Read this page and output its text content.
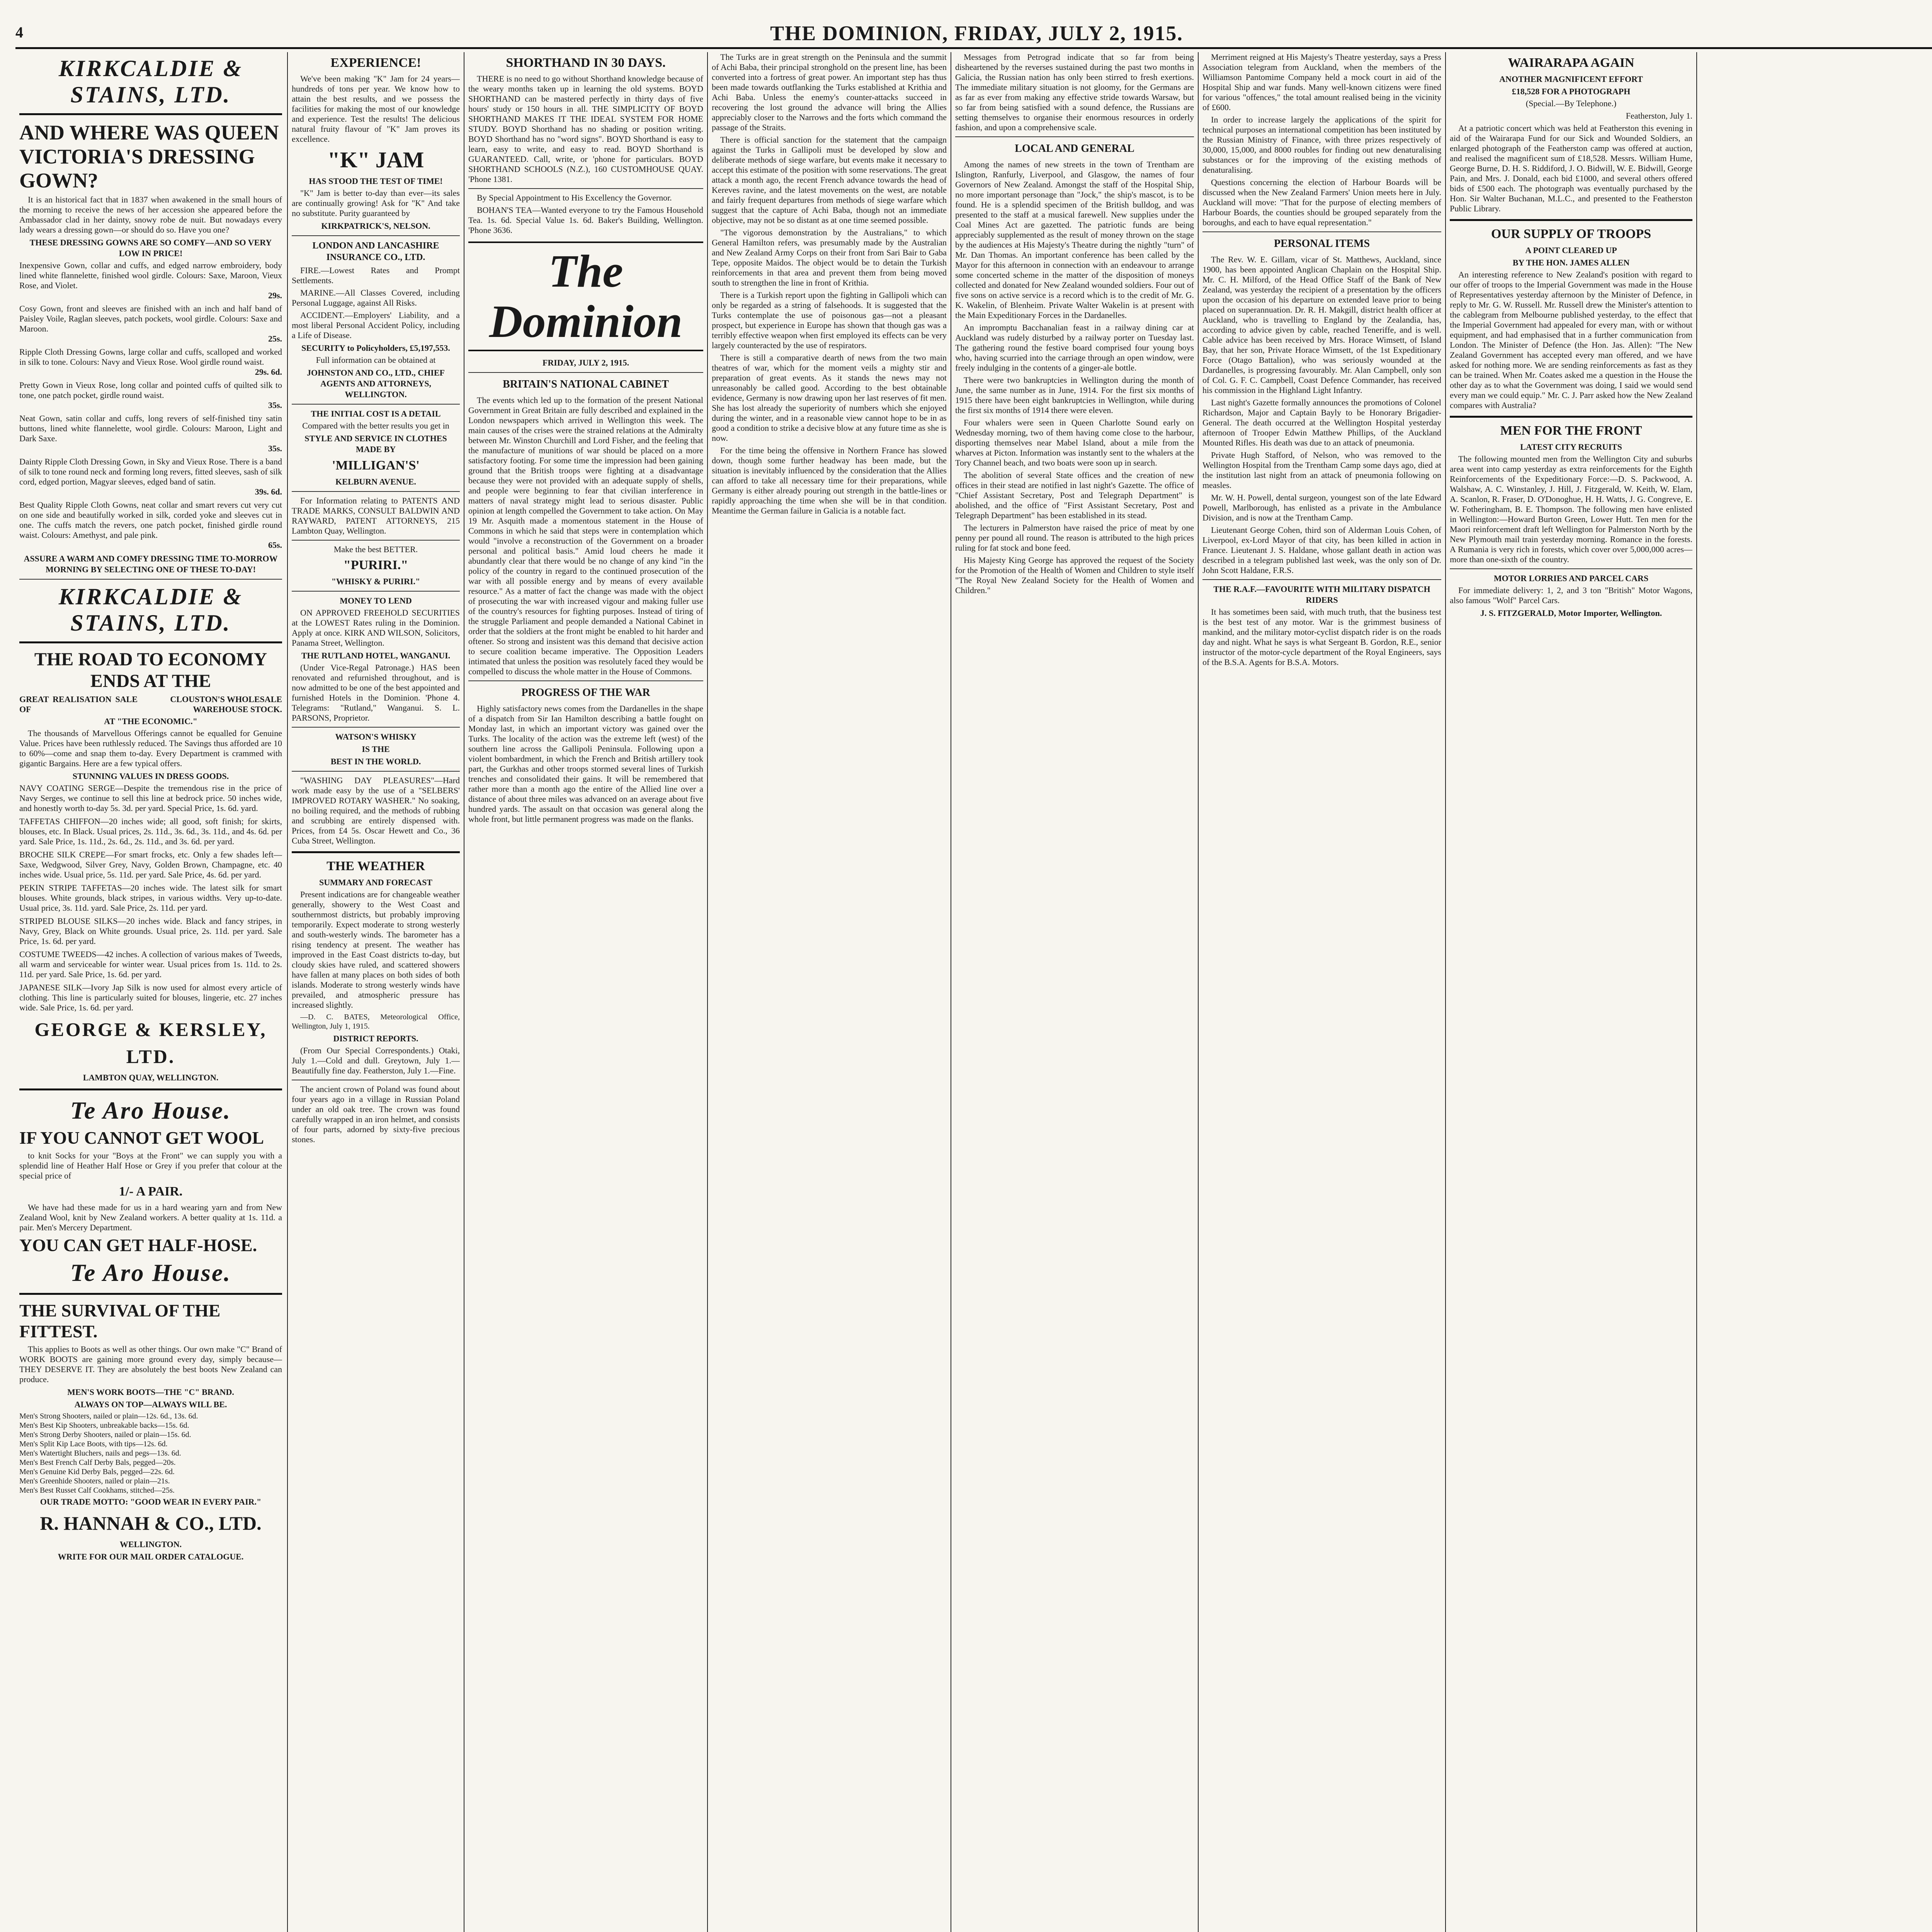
4	THE DOMINION, FRIDAY, JULY 2, 1915.
KIRKCALDIE & STAINS, LTD.
AND WHERE WAS QUEEN VICTORIA'S DRESSING GOWN?

It is an historical fact that in 1837 when awakened in the small hours of the morning to receive the news of her accession she appeared before the Ambassador clad in her dainty, snowy robe de nuit. But nowadays every lady wears a dressing gown—or should do so. Have you one?

THESE DRESSING GOWNS ARE SO COMFY—AND SO VERY LOW IN PRICE!
Inexpensive Gown, collar and cuffs, and edged narrow embroidery, body lined white flannelette, finished wool girdle. Colours: Saxe, Maroon, Vieux Rose, and Violet.
29s.
Cosy Gown, front and sleeves are finished with an inch and half band of Paisley Voile, Raglan sleeves, patch pockets, wool girdle. Colours: Saxe and Maroon.
25s.
Ripple Cloth Dressing Gowns, large collar and cuffs, scalloped and worked in silk to tone. Colours: Navy and Vieux Rose. Wool girdle round waist.
29s. 6d.
Pretty Gown in Vieux Rose, long collar and pointed cuffs of quilted silk to tone, one patch pocket, girdle round waist.
35s.
Neat Gown, satin collar and cuffs, long revers of self-finished tiny satin buttons, lined white flannelette, wool girdle. Colours: Maroon, Light and Dark Saxe.
35s.
Dainty Ripple Cloth Dressing Gown, in Sky and Vieux Rose. There is a band of silk to tone round neck and forming long revers, fitted sleeves, sash of silk cord, edged portion, Magyar sleeves, edged band of satin.
39s. 6d.
Best Quality Ripple Cloth Gowns, neat collar and smart revers cut very cut on one side and beautifully worked in silk, corded yoke and sleeves cut in one. The cuffs match the revers, one patch pocket, finished girdle round waist. Colours: Amethyst, and pale pink.
65s.
ASSURE A WARM AND COMFY DRESSING TIME TO-MORROW MORNING BY SELECTING ONE OF THESE TO-DAY!
KIRKCALDIE & STAINS, LTD.
THE ROAD TO ECONOMY ENDS AT THE
GREAT REALISATION SALE OF
CLOUSTON'S WHOLESALE WAREHOUSE STOCK.
AT "THE ECONOMIC."

The thousands of Marvellous Offerings cannot be equalled for Genuine Value. Prices have been ruthlessly reduced. The Savings thus afforded are 10 to 60%—come and snap them to-day. Every Department is crammed with gigantic Bargains. Here are a few typical offers.

STUNNING VALUES IN DRESS GOODS.

NAVY COATING SERGE—Despite the tremendous rise in the price of Navy Serges, we continue to sell this line at bedrock price. 50 inches wide, and honestly worth to-day 5s. 3d. per yard. Special Price, 1s. 6d. yard.

TAFFETAS CHIFFON—20 inches wide; all good, soft finish; for skirts, blouses, etc. In Black. Usual prices, 2s. 11d., 3s. 6d., 3s. 11d., and 4s. 6d. per yard. Sale Price, 1s. 11d., 2s. 6d., 2s. 11d., and 3s. 6d. per yard.

BROCHE SILK CREPE—For smart frocks, etc. Only a few shades left—Saxe, Wedgwood, Silver Grey, Navy, Golden Brown, Champagne, etc. 40 inches wide. Usual price, 5s. 11d. per yard. Sale Price, 4s. 6d. per yard.

PEKIN STRIPE TAFFETAS—20 inches wide. The latest silk for smart blouses. White grounds, black stripes, in various widths. Very up-to-date. Usual price, 3s. 11d. yard. Sale Price, 2s. 11d. per yard.

STRIPED BLOUSE SILKS—20 inches wide. Black and fancy stripes, in Navy, Grey, Black on White grounds. Usual price, 2s. 11d. per yard. Sale Price, 1s. 6d. per yard.

COSTUME TWEEDS—42 inches. A collection of various makes of Tweeds, all warm and serviceable for winter wear. Usual prices from 1s. 11d. to 2s. 11d. per yard. Sale Price, 1s. 6d. per yard.

JAPANESE SILK—Ivory Jap Silk is now used for almost every article of clothing. This line is particularly suited for blouses, lingerie, etc. 27 inches wide. Sale Price, 1s. 6d. per yard.

GEORGE & KERSLEY, LTD.
LAMBTON QUAY, WELLINGTON.
Te Aro House.
IF YOU CANNOT GET WOOL

to knit Socks for your "Boys at the Front" we can supply you with a splendid line of Heather Half Hose or Grey if you prefer that colour at the special price of

1/- A PAIR.

We have had these made for us in a hard wearing yarn and from New Zealand Wool, knit by New Zealand workers. A better quality at 1s. 11d. a pair. Men's Mercery Department.

YOU CAN GET HALF-HOSE.
Te Aro House.
THE SURVIVAL OF THE FITTEST.

This applies to Boots as well as other things. Our own make "C" Brand of WORK BOOTS are gaining more ground every day, simply because—THEY DESERVE IT. They are absolutely the best boots New Zealand can produce.

MEN'S WORK BOOTS—THE "C" BRAND.
ALWAYS ON TOP—ALWAYS WILL BE.
Men's Strong Shooters, nailed or plain—12s. 6d., 13s. 6d.
Men's Best Kip Shooters, unbreakable backs—15s. 6d.
Men's Strong Derby Shooters, nailed or plain—15s. 6d.
Men's Split Kip Lace Boots, with tips—12s. 6d.
Men's Watertight Bluchers, nails and pegs—13s. 6d.
Men's Best French Calf Derby Bals, pegged—20s.
Men's Genuine Kid Derby Bals, pegged—22s. 6d.
Men's Greenhide Shooters, nailed or plain—21s.
Men's Best Russet Calf Cookhams, stitched—25s.
OUR TRADE MOTTO: "GOOD WEAR IN EVERY PAIR."
R. HANNAH & CO., LTD.
WELLINGTON.
WRITE FOR OUR MAIL ORDER CATALOGUE.
EXPERIENCE!

We've been making "K" Jam for 24 years—hundreds of tons per year. We know how to attain the best results, and we possess the facilities for making the most of our knowledge and experience. Test the results! The delicious natural fruity flavour of "K" Jam proves its excellence.

"K" JAM
HAS STOOD THE TEST OF TIME!

"K" Jam is better to-day than ever—its sales are continually growing! Ask for "K" And take no substitute. Purity guaranteed by

KIRKPATRICK'S, NELSON.
LONDON AND LANCASHIRE INSURANCE CO., LTD.

FIRE.—Lowest Rates and Prompt Settlements.

MARINE.—All Classes Covered, including Personal Luggage, against All Risks.

ACCIDENT.—Employers' Liability, and a most liberal Personal Accident Policy, including a Life of Disease.

SECURITY to Policyholders, £5,197,553.

Full information can be obtained at

JOHNSTON AND CO., LTD., CHIEF AGENTS AND ATTORNEYS, WELLINGTON.
THE INITIAL COST IS A DETAIL

Compared with the better results you get in

STYLE AND SERVICE IN CLOTHES MADE BY
'MILLIGAN'S'
KELBURN AVENUE.

For Information relating to PATENTS AND TRADE MARKS, CONSULT BALDWIN AND RAYWARD, PATENT ATTORNEYS, 215 Lambton Quay, Wellington.

Make the best BETTER.

"PURIRI."
"WHISKY & PURIRI."
MONEY TO LEND

ON APPROVED FREEHOLD SECURITIES at the LOWEST Rates ruling in the Dominion. Apply at once. KIRK AND WILSON, Solicitors, Panama Street, Wellington.

THE RUTLAND HOTEL, WANGANUI.

(Under Vice-Regal Patronage.) HAS been renovated and refurnished throughout, and is now admitted to be one of the best appointed and furnished Hotels in the Dominion. 'Phone 4. Telegrams: "Rutland," Wanganui. S. L. PARSONS, Proprietor.

WATSON'S WHISKY
IS THE
BEST IN THE WORLD.

"WASHING DAY PLEASURES"—Hard work made easy by the use of a "SELBERS' IMPROVED ROTARY WASHER." No soaking, no boiling required, and the methods of rubbing and scrubbing are entirely dispensed with. Prices, from £4 5s. Oscar Hewett and Co., 36 Cuba Street, Wellington.

THE WEATHER
SUMMARY AND FORECAST

Present indications are for changeable weather generally, showery to the West Coast and southernmost districts, but probably improving temporarily. Expect moderate to strong westerly and south-westerly winds. The barometer has a rising tendency at present. The weather has improved in the East Coast districts to-day, but cloudy skies have ruled, and scattered showers have fallen at many places on both sides of both islands. Moderate to strong westerly winds have prevailed, and atmospheric pressure has increased slightly.

—D. C. BATES, Meteorological Office, Wellington, July 1, 1915.

DISTRICT REPORTS.

(From Our Special Correspondents.) Otaki, July 1.—Cold and dull. Greytown, July 1.—Beautifully fine day. Featherston, July 1.—Fine.

The ancient crown of Poland was found about four years ago in a village in Russian Poland under an old oak tree. The crown was found carefully wrapped in an iron helmet, and consists of four parts, adorned by sixty-five precious stones.

SHORTHAND IN 30 DAYS.

THERE is no need to go without Shorthand knowledge because of the weary months taken up in learning the old systems. BOYD SHORTHAND can be mastered perfectly in thirty days of five hours' study or 150 hours in all. THE SIMPLICITY OF BOYD SHORTHAND MAKES IT THE IDEAL SYSTEM FOR HOME STUDY. BOYD Shorthand has no shading or position writing. BOYD Shorthand has no "word signs". BOYD Shorthand is easy to learn, easy to write, and easy to read. BOYD Shorthand is GUARANTEED. Call, write, or 'phone for particulars. BOYD SHORTHAND SCHOOLS (N.Z.), 160 CUSTOMHOUSE QUAY. 'Phone 1381.

By Special Appointment to His Excellency the Governor.

BOHAN'S TEA—Wanted everyone to try the Famous Household Tea. 1s. 6d. Special Value 1s. 6d. Baker's Building, Wellington. 'Phone 3636.

The Dominion
FRIDAY, JULY 2, 1915.
BRITAIN'S NATIONAL CABINET

The events which led up to the formation of the present National Government in Great Britain are fully described and explained in the London newspapers which arrived in Wellington this week. The main causes of the crises were the strained relations at the Admiralty between Mr. Winston Churchill and Lord Fisher, and the feeling that the manufacture of munitions of war should be placed on a more satisfactory footing. For some time the impression had been gaining ground that the British troops were fighting at a disadvantage because they were not provided with an adequate supply of shells, and people were beginning to fear that civilian interference in matters of naval strategy might lead to serious disaster. Public opinion at length compelled the Government to take action. On May 19 Mr. Asquith made a momentous statement in the House of Commons in which he said that steps were in contemplation which would "involve a reconstruction of the Government on a broader personal and political basis." Amid loud cheers he made it abundantly clear that there would be no change of any kind "in the policy of the country in regard to the continued prosecution of the war with all possible energy and by means of every available resource." As a matter of fact the change was made with the object of prosecuting the war with increased vigour and making fuller use of the country's resources for fighting purposes. Instead of tiring of the struggle Parliament and people demanded a National Cabinet in order that the soldiers at the front might be enabled to hit harder and oftener. So strong and insistent was this demand that decisive action to secure coalition became imperative. The Opposition Leaders intimated that unless the position was resolutely faced they would be compelled to discuss the whole matter in the House of Commons.

PROGRESS OF THE WAR

Highly satisfactory news comes from the Dardanelles in the shape of a dispatch from Sir Ian Hamilton describing a battle fought on Monday last, in which an important victory was gained over the Turks. The locality of the action was the extreme left (west) of the southern line across the Gallipoli Peninsula. Following upon a violent bombardment, in which the French and British artillery took part, the Gurkhas and other troops stormed several lines of Turkish trenches and consolidated their gains. It will be remembered that rather more than a month ago the entire of the Allied line over a distance of about three miles was advanced on an average about five hundred yards. The assault on that occasion was general along the whole front, but little permanent progress was made on the flanks.

The Turks are in great strength on the Peninsula and the summit of Achi Baba, their principal stronghold on the present line, has been converted into a fortress of great power. An important step has thus been made towards outflanking the Turks established at Krithia and Achi Baba. Unless the enemy's counter-attacks succeed in recovering the lost ground the advance will bring the Allies appreciably closer to the Narrows and the forts which command the passage of the Straits.

There is official sanction for the statement that the campaign against the Turks in Gallipoli must be developed by slow and deliberate methods of siege warfare, but events make it necessary to accept this estimate of the position with some reservations. The great attack a month ago, the recent French advance towards the head of Kereves ravine, and the latest movements on the west, are notable and fairly frequent departures from methods of siege warfare which suggest that the capture of Achi Baba, though not an immediate objective, may not be so distant as at one time seemed possible.

"The vigorous demonstration by the Australians," to which General Hamilton refers, was presumably made by the Australian and New Zealand Army Corps on their front from Sari Bair to Gaba Tepe, opposite Maidos. The object would be to detain the Turkish reinforcements in that area and prevent them from being moved south to strengthen the line in front of Krithia.

There is a Turkish report upon the fighting in Gallipoli which can only be regarded as a string of falsehoods. It is suggested that the Turks contemplate the use of poisonous gas—not a pleasant prospect, but experience in Europe has shown that though gas was a terribly effective weapon when first employed its effects can be very largely counteracted by the use of respirators.

There is still a comparative dearth of news from the two main theatres of war, which for the moment veils a mighty stir and preparation of great events. As it stands the news may not unreasonably be called good. According to the best obtainable evidence, Germany is now drawing upon her last reserves of fit men. She has lost already the superiority of numbers which she enjoyed during the winter, and in a reasonable view cannot hope to be in as good a condition to strike a decisive blow at any future time as she is now.

For the time being the offensive in Northern France has slowed down, though some further headway has been made, but the situation is inevitably influenced by the consideration that the Allies can afford to take all necessary time for their preparations, while Germany is either already pouring out strength in the battle-lines or rapidly approaching the time when she will be in that condition. Meantime the German failure in Galicia is a notable fact.

Messages from Petrograd indicate that so far from being disheartened by the reverses sustained during the past two months in Galicia, the Russian nation has only been stirred to fresh exertions. The immediate military situation is not gloomy, for the Germans are as far as ever from making any effective stride towards Warsaw, but so far from being satisfied with a sound defence, the Russians are setting themselves to organise their enormous resources in orderly fashion, and upon a comprehensive scale.

LOCAL AND GENERAL

Among the names of new streets in the town of Trentham are Islington, Ranfurly, Liverpool, and Glasgow, the names of four Governors of New Zealand. Amongst the staff of the Hospital Ship, no more important personage than "Jock," the ship's mascot, is to be found. He is a splendid specimen of the British bulldog, and was presented to the staff at a musical farewell. New supplies under the Coal Mines Act are gazetted. The patriotic funds are being appreciably supplemented as the result of money thrown on the stage by the audiences at His Majesty's Theatre during the nightly "turn" of Mr. Dan Thomas. An important conference has been called by the Mayor for this afternoon in connection with an endeavour to arrange some concerted scheme in the matter of the disposition of moneys collected and donated for New Zealand wounded soldiers. Four out of five sons on active service is a record which is to the credit of Mr. G. K. Wakelin, of Blenheim. Private Walter Wakelin is at present with the Main Expeditionary Forces in the Dardanelles.

An impromptu Bacchanalian feast in a railway dining car at Auckland was rudely disturbed by a railway porter on Tuesday last. The gathering round the festive board comprised four young boys who, having scurried into the carriage through an open window, were freely indulging in the contents of a ginger-ale bottle.

There were two bankruptcies in Wellington during the month of June, the same number as in June, 1914. For the first six months of 1915 there have been eight bankruptcies in Wellington, while during the first six months of 1914 there were eleven.

Four whalers were seen in Queen Charlotte Sound early on Wednesday morning, two of them having come close to the harbour, disporting themselves near Mabel Island, about a mile from the wharves at Picton. Information was instantly sent to the whalers at the Tory Channel beach, and two boats were soon up in search.

The abolition of several State offices and the creation of new offices in their stead are notified in last night's Gazette. The office of "Chief Assistant Secretary, Post and Telegraph Department" is abolished, and the office of "First Assistant Secretary, Post and Telegraph Department" has been established in its stead.

The lecturers in Palmerston have raised the price of meat by one penny per pound all round. The reason is attributed to the high prices ruling for fat stock and bone feed.

His Majesty King George has approved the request of the Society for the Promotion of the Health of Women and Children to style itself "The Royal New Zealand Society for the Health of Women and Children."

Merriment reigned at His Majesty's Theatre yesterday, says a Press Association telegram from Auckland, when the members of the Williamson Pantomime Company held a mock court in aid of the Hospital Ship and war funds. Many well-known citizens were fined for various "offences," the total amount realised being in the vicinity of £600.

In order to increase largely the applications of the spirit for technical purposes an international competition has been instituted by the Russian Ministry of Finance, with three prizes respectively of 30,000, 15,000, and 8000 roubles for finding out new denaturalising substances or for the improving of the existing methods of denaturalising.

Questions concerning the election of Harbour Boards will be discussed when the New Zealand Farmers' Union meets here in July. Auckland will move: "That for the purpose of electing members of Harbour Boards, the counties should be grouped separately from the boroughs, and each to have equal representation."

PERSONAL ITEMS

The Rev. W. E. Gillam, vicar of St. Matthews, Auckland, since 1900, has been appointed Anglican Chaplain on the Hospital Ship. Mr. C. H. Milford, of the Head Office Staff of the Bank of New Zealand, was yesterday the recipient of a presentation by the officers upon the occasion of his departure on extended leave prior to being placed on superannuation. Dr. R. H. Makgill, district health officer at Auckland, who is travelling to England by the Zealandia, has, according to advice given by cable, reached Teneriffe, and is well. Cable advice has been received by Mrs. Horace Wimsett, of Island Bay, that her son, Private Horace Wimsett, of the 1st Expeditionary Force (Otago Battalion), who was seriously wounded at the Dardanelles, is progressing favourably. Mr. Alan Campbell, only son of Col. G. F. C. Campbell, Coast Defence Commander, has received his commission in the Highland Light Infantry.

Last night's Gazette formally announces the promotions of Colonel Richardson, Major and Captain Bayly to be Honorary Brigadier-General. The death occurred at the Wellington Hospital yesterday afternoon of Trooper Edwin Matthew Phillips, of the Auckland Mounted Rifles. His death was due to an attack of pneumonia.

Private Hugh Stafford, of Nelson, who was removed to the Wellington Hospital from the Trentham Camp some days ago, died at the institution last night from an attack of pneumonia following on measles.

Mr. W. H. Powell, dental surgeon, youngest son of the late Edward Powell, Marlborough, has enlisted as a private in the Ambulance Division, and is now at the Trentham Camp.

Lieutenant George Cohen, third son of Alderman Louis Cohen, of Liverpool, ex-Lord Mayor of that city, has been killed in action in France. Lieutenant J. S. Haldane, whose gallant death in action was described in a telegram published last week, was the only son of Dr. John Scott Haldane, F.R.S.

THE R.A.F.—FAVOURITE WITH MILITARY DISPATCH RIDERS

It has sometimes been said, with much truth, that the business test is the best test of any motor. War is the grimmest business of mankind, and the military motor-cyclist dispatch rider is on the roads day and night. What he says is what Sergeant B. Gordon, R.E., senior instructor of the motor-cycle department of the Royal Engineers, says of the B.S.A. Agents for B.S.A. Motors.

WAIRARAPA AGAIN
ANOTHER MAGNIFICENT EFFORT
£18,528 FOR A PHOTOGRAPH

(Special.—By Telephone.)

Featherston, July 1.

At a patriotic concert which was held at Featherston this evening in aid of the Wairarapa Fund for our Sick and Wounded Soldiers, an enlarged photograph of the Featherston camp was offered at auction, and realised the magnificent sum of £18,528. Messrs. William Hume, George Burne, D. H. S. Riddiford, J. O. Bidwill, W. E. Bidwill, George Pain, and Mrs. J. Donald, each bid £1000, and several others offered bids of £500 each. The photograph was eventually purchased by the Hon. Sir Walter Buchanan, M.L.C., and presented to the Featherston Public Library.

OUR SUPPLY OF TROOPS
A POINT CLEARED UP
BY THE HON. JAMES ALLEN

An interesting reference to New Zealand's position with regard to our offer of troops to the Imperial Government was made in the House of Representatives yesterday afternoon by the Minister of Defence, in reply to Mr. G. W. Russell. Mr. Russell drew the Minister's attention to the cablegram from Melbourne published yesterday, to the effect that the Imperial Government had appealed for every man, with or without equipment, and had emphasised that in a further communication from London. The Minister of Defence (the Hon. Jas. Allen): "The New Zealand Government has accepted every man offered, and we have asked for nothing more. We are sending reinforcements as fast as they can be trained. When Mr. Coates asked me a question in the House the other day as to what the Government was doing, I said we would send every man we could equip." Mr. C. J. Parr asked how the New Zealand compares with Australia?

MEN FOR THE FRONT
LATEST CITY RECRUITS

The following mounted men from the Wellington City and suburbs area went into camp yesterday as extra reinforcements for the Eighth Reinforcements of the Expeditionary Force:—D. S. Packwood, A. Walshaw, A. C. Winstanley, J. Hill, J. Fitzgerald, W. Keith, W. Elam, A. Scanlon, R. Fraser, D. O'Donoghue, H. H. Watts, J. G. Congreve, E. W. Fotheringham, B. E. Thompson. The following men have enlisted in Wellington:—Howard Burton Green, Lower Hutt. Ten men for the Maori reinforcement draft left Wellington for Palmerston North by the New Plymouth mail train yesterday morning. Romance in the forests. A Rumania is very rich in forests, which cover over 5,000,000 acres—more than one-sixth of the country.

MOTOR LORRIES AND PARCEL CARS

For immediate delivery: 1, 2, and 3 ton "British" Motor Wagons, also famous "Wolf" Parcel Cars.

J. S. FITZGERALD, Motor Importer, Wellington.
